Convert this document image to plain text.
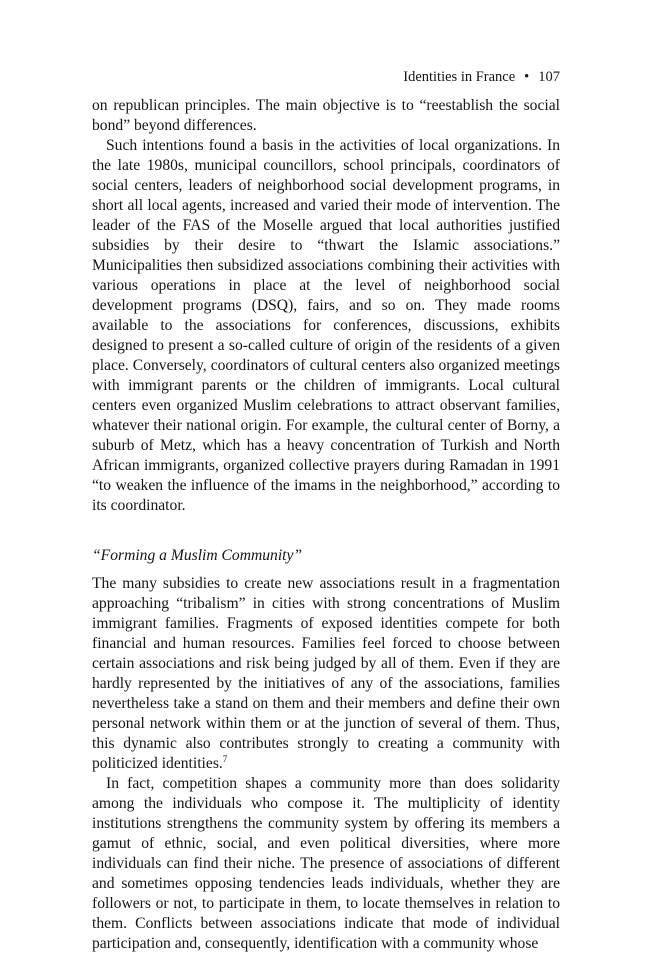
Identities in France • 107

on republican principles. The main objective is to “reestablish the social bond” beyond differences.

Such intentions found a basis in the activities of local organizations. In the late 1980s, municipal councillors, school principals, coordinators of social centers, leaders of neighborhood social development programs, in short all local agents, increased and varied their mode of intervention. The leader of the FAS of the Moselle argued that local authorities justified subsidies by their desire to “thwart the Islamic associations.” Municipalities then subsidized associations combining their activities with various operations in place at the level of neighborhood social development programs (DSQ), fairs, and so on. They made rooms available to the associations for conferences, discussions, exhibits designed to present a so-called culture of origin of the residents of a given place. Conversely, coordinators of cultural centers also organized meetings with immigrant parents or the children of immigrants. Local cultural centers even organized Muslim celebrations to attract observant families, whatever their national origin. For example, the cultural center of Borny, a suburb of Metz, which has a heavy concentration of Turkish and North African immigrants, organized collective prayers during Ramadan in 1991 “to weaken the influence of the imams in the neighborhood,” according to its coordinator.

“Forming a Muslim Community”

The many subsidies to create new associations result in a fragmentation approaching “tribalism” in cities with strong concentrations of Muslim immigrant families. Fragments of exposed identities compete for both financial and human resources. Families feel forced to choose between certain associations and risk being judged by all of them. Even if they are hardly represented by the initiatives of any of the associations, families nevertheless take a stand on them and their members and define their own personal network within them or at the junction of several of them. Thus, this dynamic also contributes strongly to creating a community with politicized identities.$^7$

In fact, competition shapes a community more than does solidarity among the individuals who compose it. The multiplicity of identity institutions strengthens the community system by offering its members a gamut of ethnic, social, and even political diversities, where more individuals can find their niche. The presence of associations of different and sometimes opposing tendencies leads individuals, whether they are followers or not, to participate in them, to locate themselves in relation to them. Conflicts between associations indicate that mode of individual participation and, consequently, identification with a community whose
